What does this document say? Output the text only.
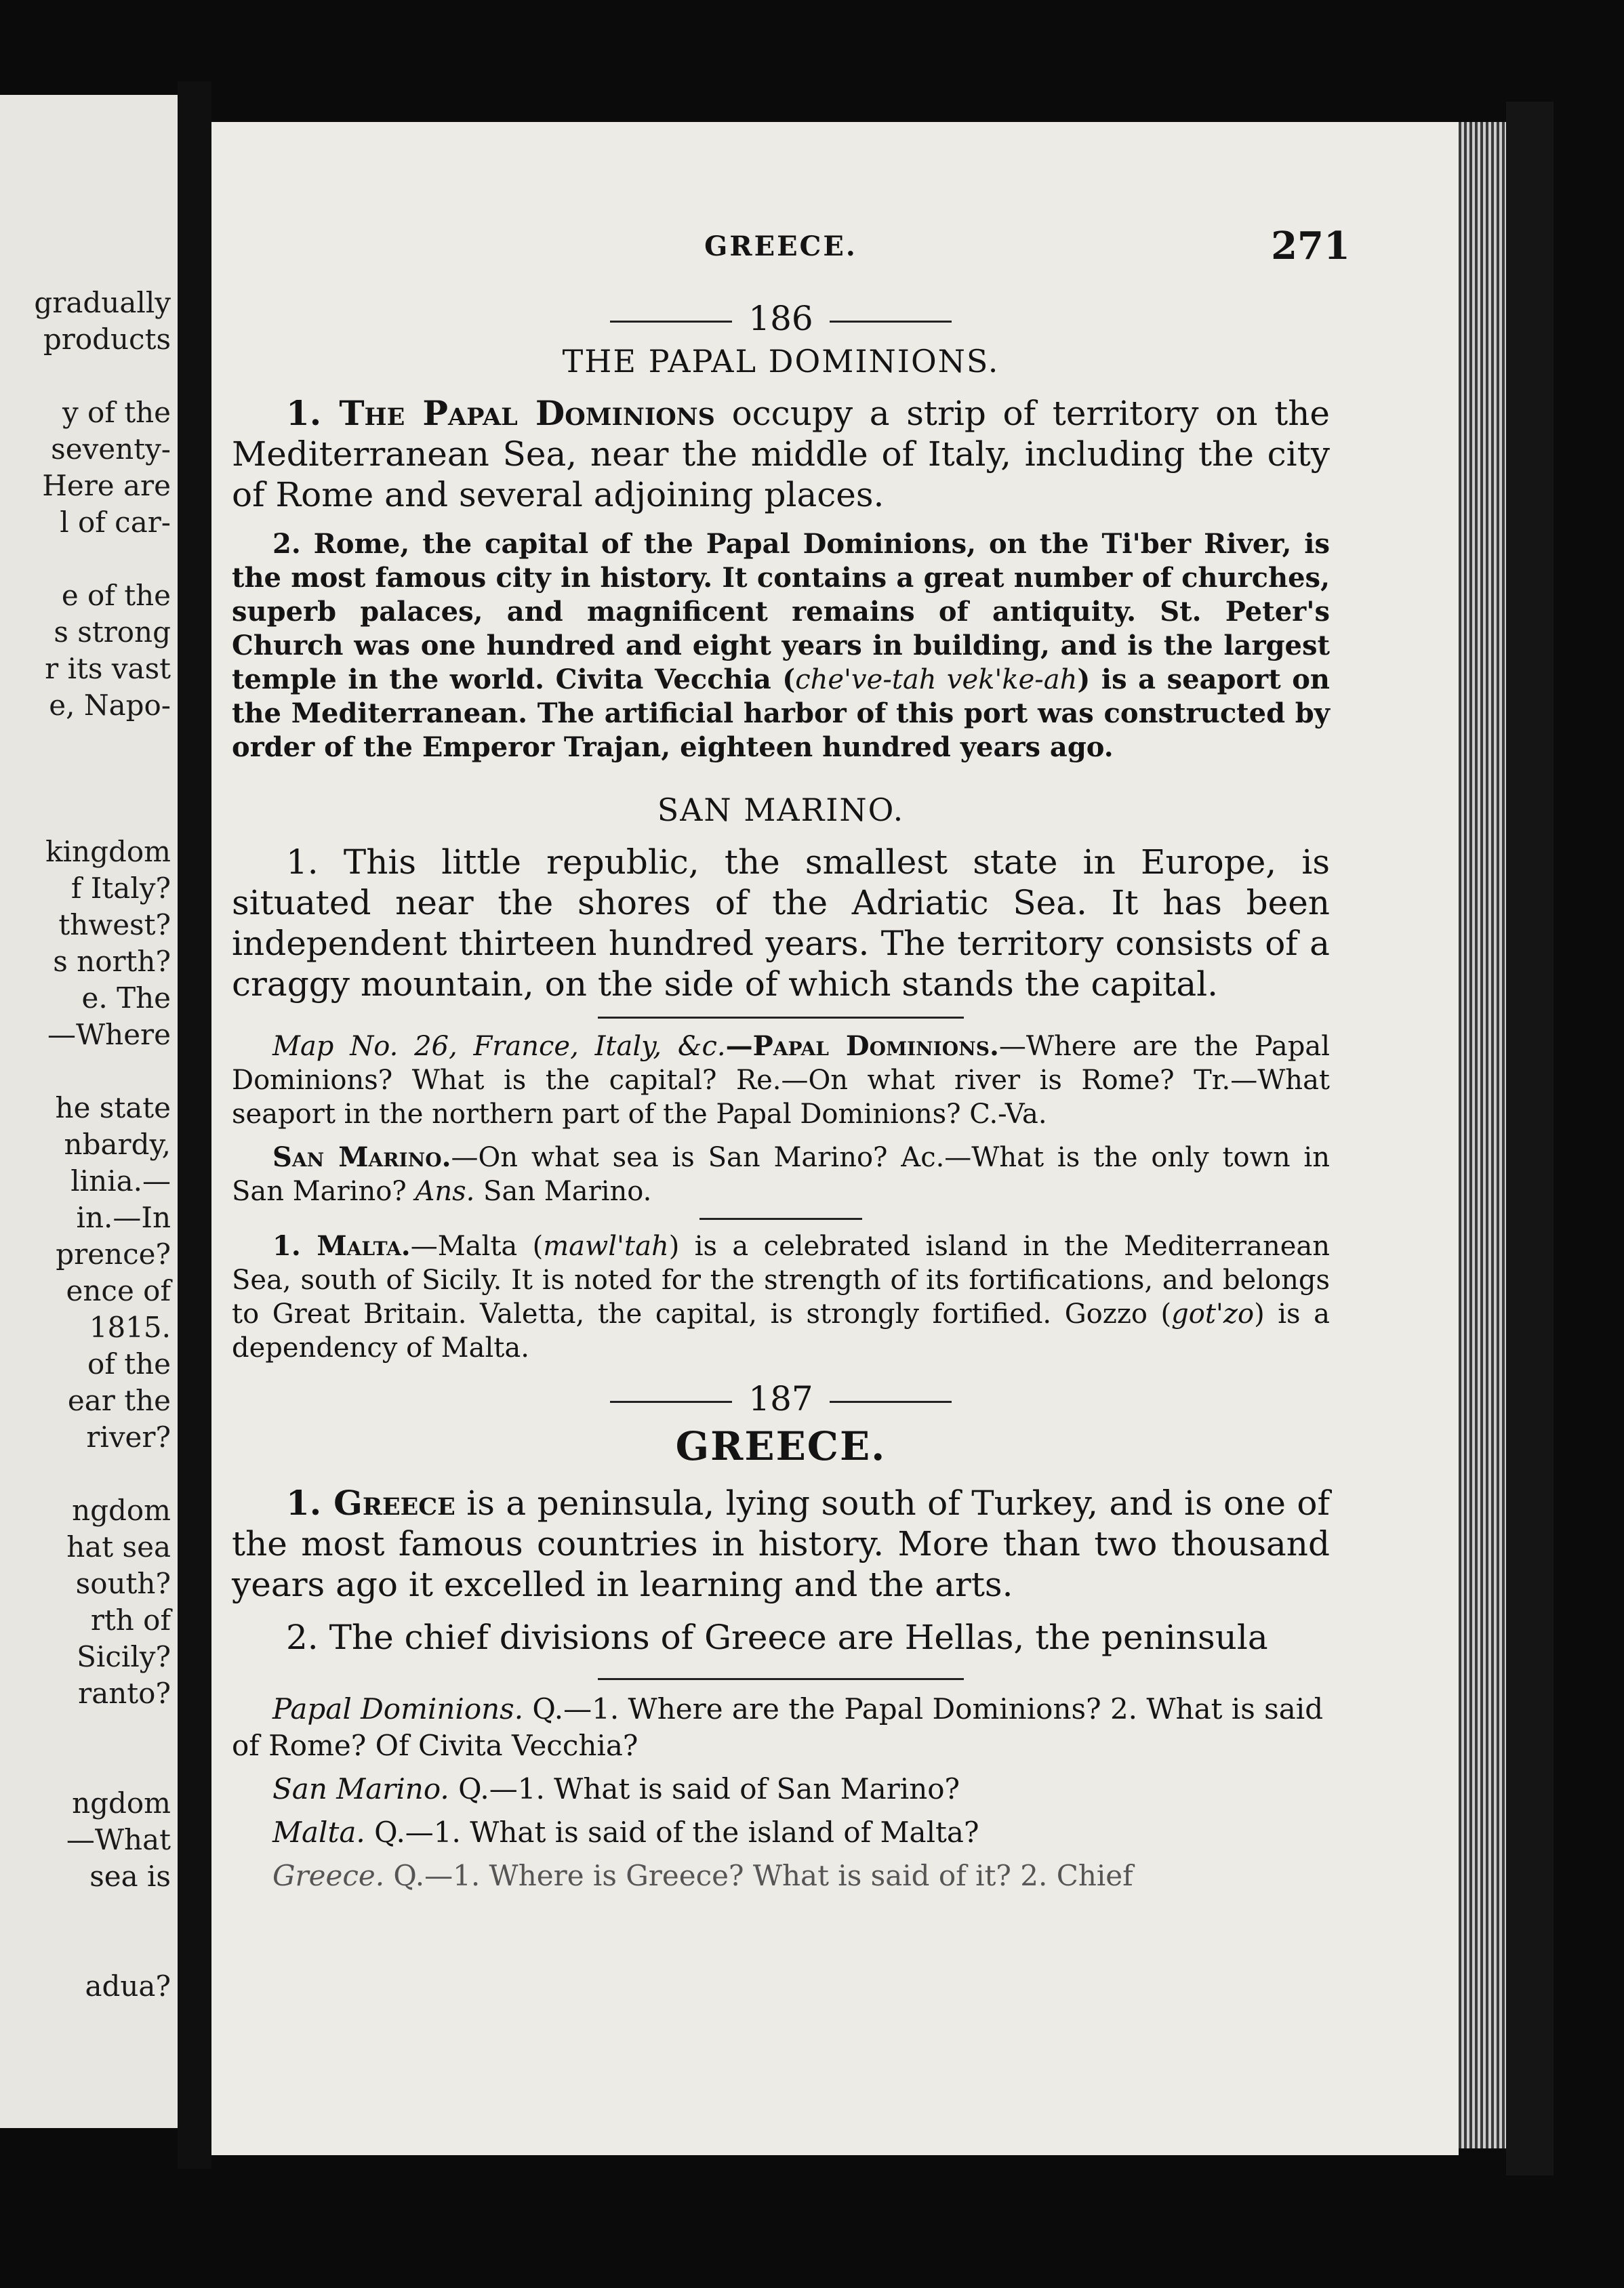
gradually
products

y of the
seventy-
Here are
l of car-

e of the
s strong
r its vast
e, Napo-

kingdom
f Italy?
thwest?
s north?
e. The
—Where

he state
nbardy,
linia.—
in.—In
prence?
ence of
1815.
of the
ear the
river?

ngdom
hat sea
south?
rth of
Sicily?
ranto?

ngdom
—What
sea is

adua?
GREECE.	271
186
THE PAPAL DOMINIONS.

1. The Papal Dominions occupy a strip of territory on the Mediterranean Sea, near the middle of Italy, including the city of Rome and several adjoining places.

2. Rome, the capital of the Papal Dominions, on the Ti'ber River, is the most famous city in history. It contains a great number of churches, superb palaces, and magnificent remains of antiquity. St. Peter's Church was one hundred and eight years in building, and is the largest temple in the world. Civita Vecchia (che've-tah vek'ke-ah) is a seaport on the Mediterranean. The artificial harbor of this port was constructed by order of the Emperor Trajan, eighteen hundred years ago.

SAN MARINO.

1. This little republic, the smallest state in Europe, is situated near the shores of the Adriatic Sea. It has been independent thirteen hundred years. The territory consists of a craggy mountain, on the side of which stands the capital.

Map No. 26, France, Italy, &c.—Papal Dominions.—Where are the Papal Dominions? What is the capital? Re.—On what river is Rome? Tr.—What seaport in the northern part of the Papal Dominions? C.-Va.

San Marino.—On what sea is San Marino? Ac.—What is the only town in San Marino? Ans. San Marino.

1. Malta.—Malta (mawl'tah) is a celebrated island in the Mediterranean Sea, south of Sicily. It is noted for the strength of its fortifications, and belongs to Great Britain. Valetta, the capital, is strongly fortified. Gozzo (got'zo) is a dependency of Malta.

187
GREECE.

1. Greece is a peninsula, lying south of Turkey, and is one of the most famous countries in history. More than two thousand years ago it excelled in learning and the arts.

2. The chief divisions of Greece are Hellas, the peninsula

Papal Dominions. Q.—1. Where are the Papal Dominions? 2. What is said of Rome? Of Civita Vecchia?

San Marino. Q.—1. What is said of San Marino?

Malta. Q.—1. What is said of the island of Malta?

Greece. Q.—1. Where is Greece? What is said of it? 2. Chief
